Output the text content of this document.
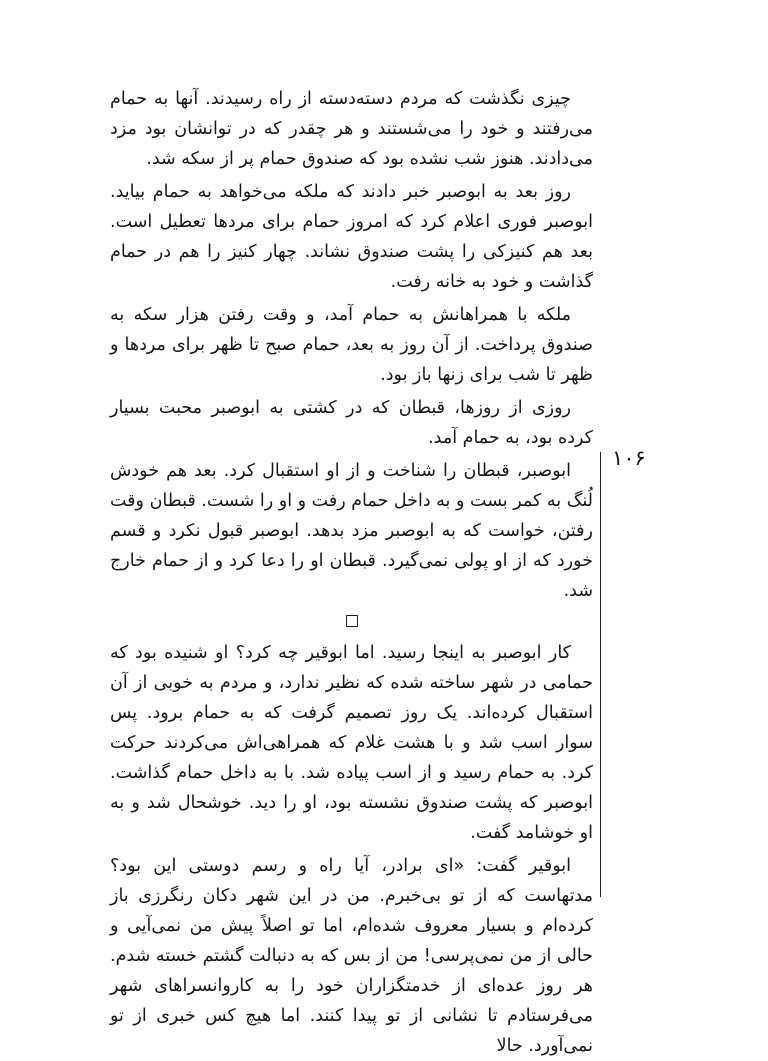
چیزی نگذشت که مردم دسته‌دسته از راه رسیدند. آنها به حمام می‌رفتند و خود را می‌شستند و هر چقدر که در توانشان بود مزد می‌دادند. هنوز شب نشده بود که صندوق حمام پر از سکه شد.

روز بعد به ابوصبر خبر دادند که ملکه می‌خواهد به حمام بیاید. ابوصبر فوری اعلام کرد که امروز حمام برای مردها تعطیل است. بعد هم کنیزکی را پشت صندوق نشاند. چهار کنیز را هم در حمام گذاشت و خود به خانه رفت.

ملکه با همراهانش به حمام آمد، و وقت رفتن هزار سکه به صندوق پرداخت. از آن روز به بعد، حمام صبح تا ظهر برای مردها و ظهر تا شب برای زنها باز بود.

روزی از روزها، قبطان که در کشتی به ابوصبر محبت بسیار کرده بود، به حمام آمد.

ابوصبر، قبطان را شناخت و از او استقبال کرد. بعد هم خودش لُنگ به کمر بست و به داخل حمام رفت و او را شست. قبطان وقت رفتن، خواست که به ابوصبر مزد بدهد. ابوصبر قبول نکرد و قسم خورد که از او پولی نمی‌گیرد. قبطان او را دعا کرد و از حمام خارج شد.

کار ابوصبر به اینجا رسید. اما ابوقیر چه کرد؟ او شنیده بود که حمامی در شهر ساخته شده که نظیر ندارد، و مردم به خوبی از آن استقبال کرده‌اند. یک روز تصمیم گرفت که به حمام برود. پس سوار اسب شد و با هشت غلام که همراهی‌اش می‌کردند حرکت کرد. به حمام رسید و از اسب پیاده شد. با به داخل حمام گذاشت. ابوصبر که پشت صندوق نشسته بود، او را دید. خوشحال شد و به او خوشامد گفت.

ابوقیر گفت: «ای برادر، آیا راه و رسم دوستی این بود؟ مدتهاست که از تو بی‌خبرم. من در این شهر دکان رنگرزی باز کرده‌ام و بسیار معروف شده‌ام، اما تو اصلاً پیش من نمی‌آیی و حالی از من نمی‌پرسی! من از بس که به دنبالت گشتم خسته شدم. هر روز عده‌ای از خدمتگزاران خود را به کاروانسراهای شهر می‌فرستادم تا نشانی از تو پیدا کنند. اما هیچ کس خبری از تو نمی‌آورد. حالا

۱۰۶
